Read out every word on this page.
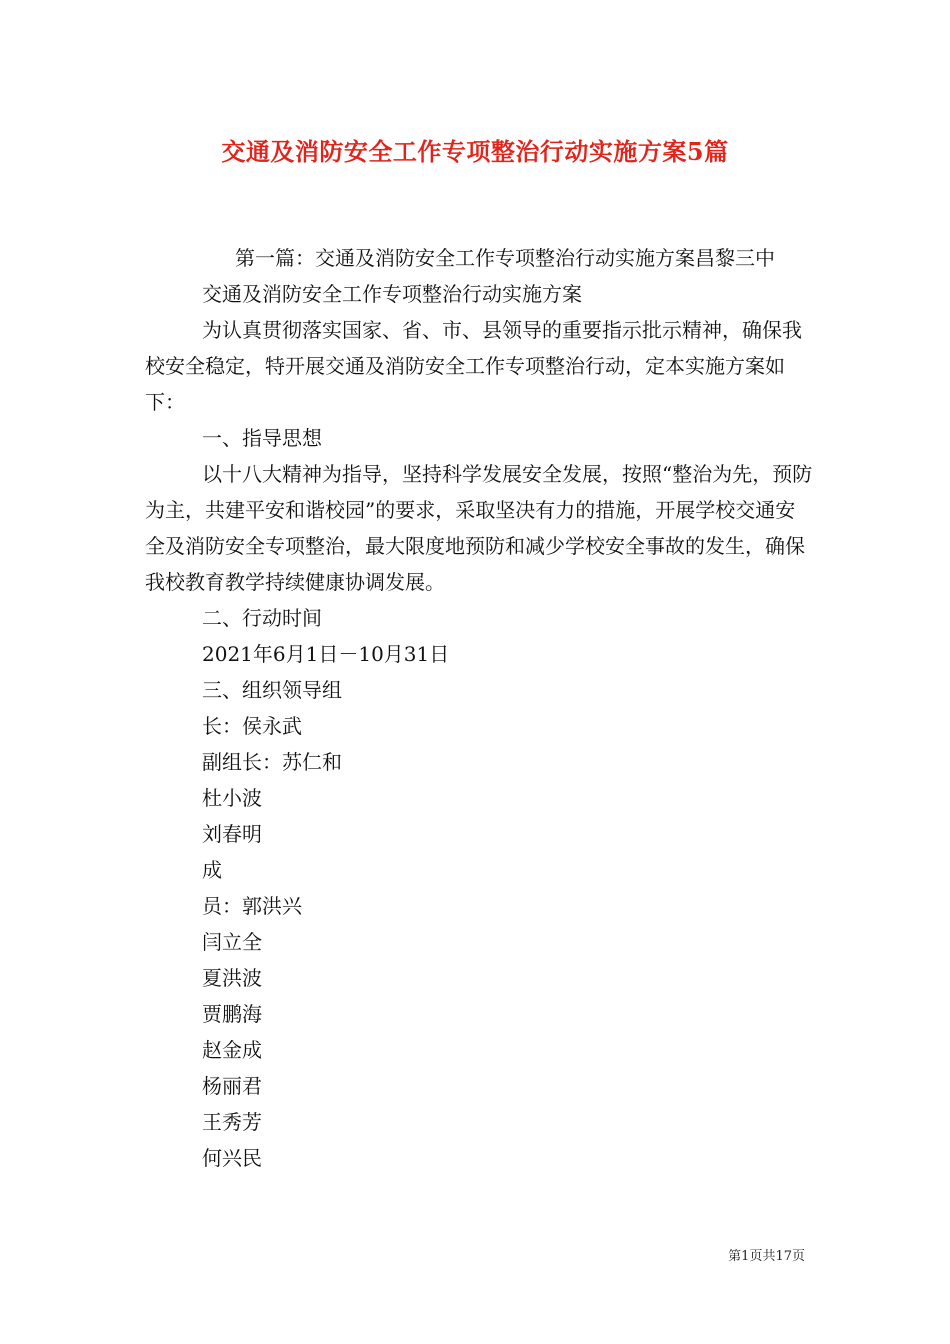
交通及消防安全工作专项整治行动实施方案5篇

第一篇：交通及消防安全工作专项整治行动实施方案昌黎三中

交通及消防安全工作专项整治行动实施方案

为认真贯彻落实国家、省、市、县领导的重要指示批示精神，确保我校安全稳定，特开展交通及消防安全工作专项整治行动，定本实施方案如下：

一、指导思想

以十八大精神为指导，坚持科学发展安全发展，按照“整治为先，预防为主，共建平安和谐校园”的要求，采取坚决有力的措施，开展学校交通安全及消防安全专项整治，最大限度地预防和减少学校安全事故的发生，确保我校教育教学持续健康协调发展。

二、行动时间

2021年6月1日－10月31日

三、组织领导组

长：侯永武

副组长：苏仁和

杜小波

刘春明

成

员：郭洪兴

闫立全

夏洪波

贾鹏海

赵金成

杨丽君

王秀芳

何兴民

第1页共17页
